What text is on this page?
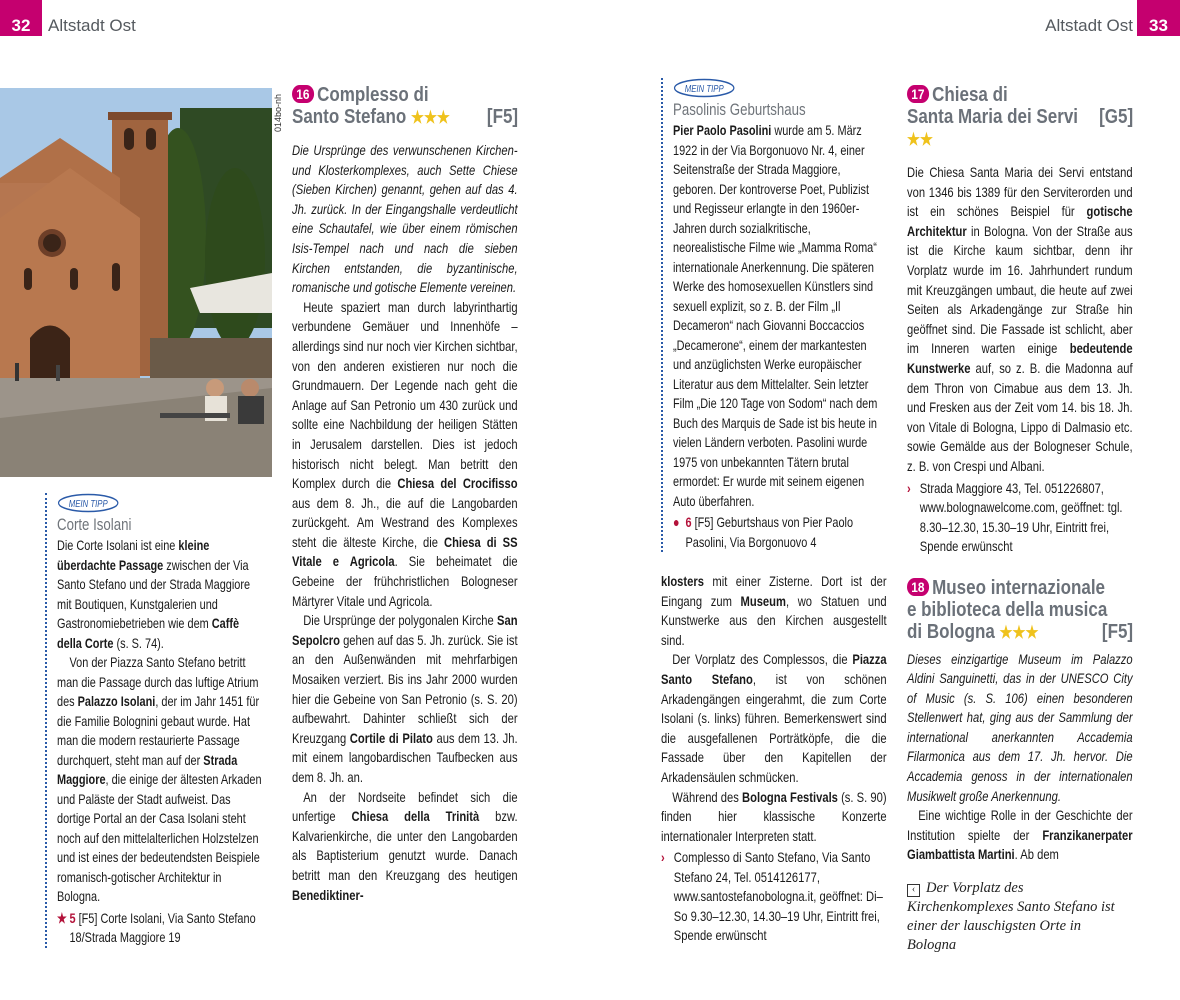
32	Altstadt Ost	Altstadt Ost 33
014bo-nh
MEIN TIPP
Corte Isolani

Die Corte Isolani ist eine kleine überdachte Passage zwischen der Via Santo Stefano und der Strada Maggiore mit Boutiquen, Kunstgalerien und Gastronomiebetrieben wie dem Caffè della Corte (s. S. 74).

Von der Piazza Santo Stefano betritt man die Passage durch das luftige Atrium des Palazzo Isolani, der im Jahr 1451 für die Familie Bolognini gebaut wurde. Hat man die modern restaurierte Passage durchquert, steht man auf der Strada Maggiore, die einige der ältesten Arkaden und Paläste der Stadt aufweist. Das dortige Portal an der Casa Isolani steht noch auf den mittelalterlichen Holzstelzen und ist eines der bedeutendsten Beispiele romanisch-gotischer Architektur in Bologna.

★ 5 [F5] Corte Isolani, Via Santo Stefano 18/Strada Maggiore 19
16 Complesso di
[F5]
Santo Stefano ★★★

Die Ursprünge des verwunschenen Kirchen- und Klosterkomplexes, auch Sette Chiese (Sieben Kirchen) genannt, gehen auf das 4. Jh. zurück. In der Eingangshalle verdeutlicht eine Schautafel, wie über einem römischen Isis-Tempel nach und nach die sieben Kirchen entstanden, die byzantinische, romanische und gotische Elemente vereinen.

Heute spaziert man durch labyrinthartig verbundene Gemäuer und Innenhöfe – allerdings sind nur noch vier Kirchen sichtbar, von den anderen existieren nur noch die Grundmauern. Der Legende nach geht die Anlage auf San Petronio um 430 zurück und sollte eine Nachbildung der heiligen Stätten in Jerusalem darstellen. Dies ist jedoch historisch nicht belegt. Man betritt den Komplex durch die Chiesa del Crocifisso aus dem 8. Jh., die auf die Langobarden zurückgeht. Am Westrand des Komplexes steht die älteste Kirche, die Chiesa di SS Vitale e Agricola. Sie beheimatet die Gebeine der frühchristlichen Bologneser Märtyrer Vitale und Agricola.

Die Ursprünge der polygonalen Kirche San Sepolcro gehen auf das 5. Jh. zurück. Sie ist an den Außenwänden mit mehrfarbigen Mosaiken verziert. Bis ins Jahr 2000 wurden hier die Gebeine von San Petronio (s. S. 20) aufbewahrt. Dahinter schließt sich der Kreuzgang Cortile di Pilato aus dem 13. Jh. mit einem langobardischen Taufbecken aus dem 8. Jh. an.

An der Nordseite befindet sich die unfertige Chiesa della Trinità bzw. Kalvarienkirche, die unter den Langobarden als Baptisterium genutzt wurde. Danach betritt man den Kreuzgang des heutigen Benediktiner-

MEIN TIPP
Pasolinis Geburtshaus

Pier Paolo Pasolini wurde am 5. März 1922 in der Via Borgonuovo Nr. 4, einer Seitenstraße der Strada Maggiore, geboren. Der kontroverse Poet, Publizist und Regisseur erlangte in den 1960er-Jahren durch sozialkritische, neorealistische Filme wie „Mamma Roma“ internationale Anerkennung. Die späteren Werke des homosexuellen Künstlers sind sexuell explizit, so z. B. der Film „Il Decameron“ nach Giovanni Boccaccios „Decamerone“, einem der markantesten und anzüglichsten Werke europäischer Literatur aus dem Mittelalter. Sein letzter Film „Die 120 Tage von Sodom“ nach dem Buch des Marquis de Sade ist bis heute in vielen Ländern verboten. Pasolini wurde 1975 von unbekannten Tätern brutal ermordet: Er wurde mit seinem eigenen Auto überfahren.

● 6 [F5] Geburtshaus von Pier Paolo Pasolini, Via Borgonuovo 4

klosters mit einer Zisterne. Dort ist der Eingang zum Museum, wo Statuen und Kunstwerke aus den Kirchen ausgestellt sind.

Der Vorplatz des Complessos, die Piazza Santo Stefano, ist von schönen Arkadengängen eingerahmt, die zum Corte Isolani (s. links) führen. Bemerkenswert sind die ausgefallenen Porträtköpfe, die die Fassade über den Kapitellen der Arkadensäulen schmücken.

Während des Bologna Festivals (s. S. 90) finden hier klassische Konzerte internationaler Interpreten statt.

› Complesso di Santo Stefano, Via Santo Stefano 24, Tel. 0514126177, www.santostefanobologna.it, geöffnet: Di–So 9.30–12.30, 14.30–19 Uhr, Eintritt frei, Spende erwünscht
17 Chiesa di
[G5]
Santa Maria dei Servi ★★

Die Chiesa Santa Maria dei Servi entstand von 1346 bis 1389 für den Serviterorden und ist ein schönes Beispiel für gotische Architektur in Bologna. Von der Straße aus ist die Kirche kaum sichtbar, denn ihr Vorplatz wurde im 16. Jahrhundert rundum mit Kreuzgängen umbaut, die heute auf zwei Seiten als Arkadengänge zur Straße hin geöffnet sind. Die Fassade ist schlicht, aber im Inneren warten einige bedeutende Kunstwerke auf, so z. B. die Madonna auf dem Thron von Cimabue aus dem 13. Jh. und Fresken aus der Zeit vom 14. bis 18. Jh. von Vitale di Bologna, Lippo di Dalmasio etc. sowie Gemälde aus der Bologneser Schule, z. B. von Crespi und Albani.

› Strada Maggiore 43, Tel. 051226807, www.bolognawelcome.com, geöffnet: tgl. 8.30–12.30, 15.30–19 Uhr, Eintritt frei, Spende erwünscht
18 Museo internazionale
e biblioteca della musica
[F5]
di Bologna ★★★

Dieses einzigartige Museum im Palazzo Aldini Sanguinetti, das in der UNESCO City of Music (s. S. 106) einen besonderen Stellenwert hat, ging aus der Sammlung der international anerkannten Accademia Filarmonica aus dem 17. Jh. hervor. Die Accademia genoss in der internationalen Musikwelt große Anerkennung.

Eine wichtige Rolle in der Geschichte der Institution spielte der Franzikanerpater Giambattista Martini. Ab dem

‹ Der Vorplatz des Kirchenkomplexes Santo Stefano ist einer der lauschigsten Orte in Bologna
